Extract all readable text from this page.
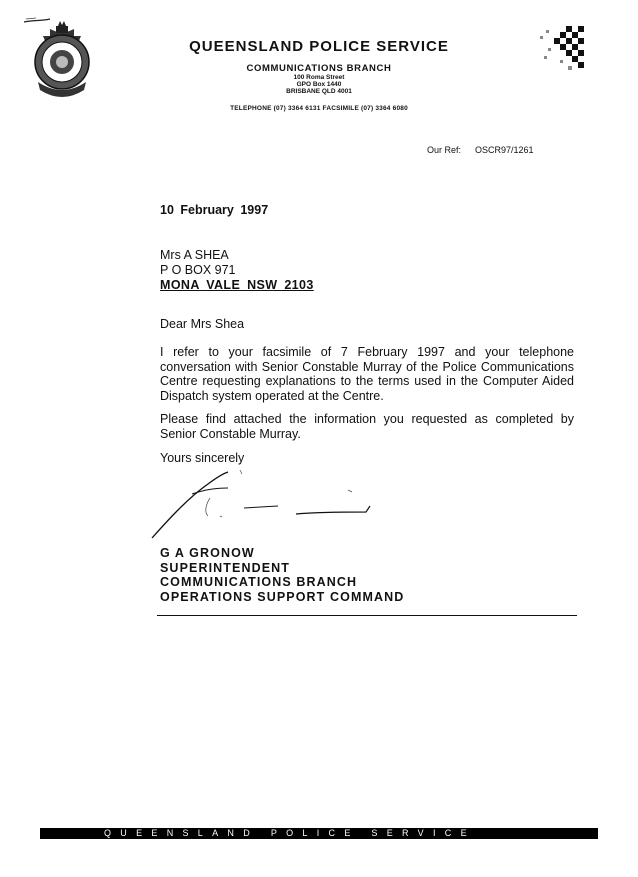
QUEENSLAND POLICE SERVICE
COMMUNICATIONS BRANCH
100 Roma Street
GPO Box 1440
BRISBANE QLD 4001
TELEPHONE (07) 3364 6131 FACSIMILE (07) 3364 6080
Our Ref: OSCR97/1261
10 February 1997
Mrs A SHEA
P O BOX 971
MONA VALE NSW 2103
Dear Mrs Shea
I refer to your facsimile of 7 February 1997 and your telephone conversation with Senior Constable Murray of the Police Communications Centre requesting explanations to the terms used in the Computer Aided Dispatch system operated at the Centre.
Please find attached the information you requested as completed by Senior Constable Murray.
Yours sincerely
G A GRONOW
SUPERINTENDENT
COMMUNICATIONS BRANCH
OPERATIONS SUPPORT COMMAND
QUEENSLAND POLICE SERVICE
